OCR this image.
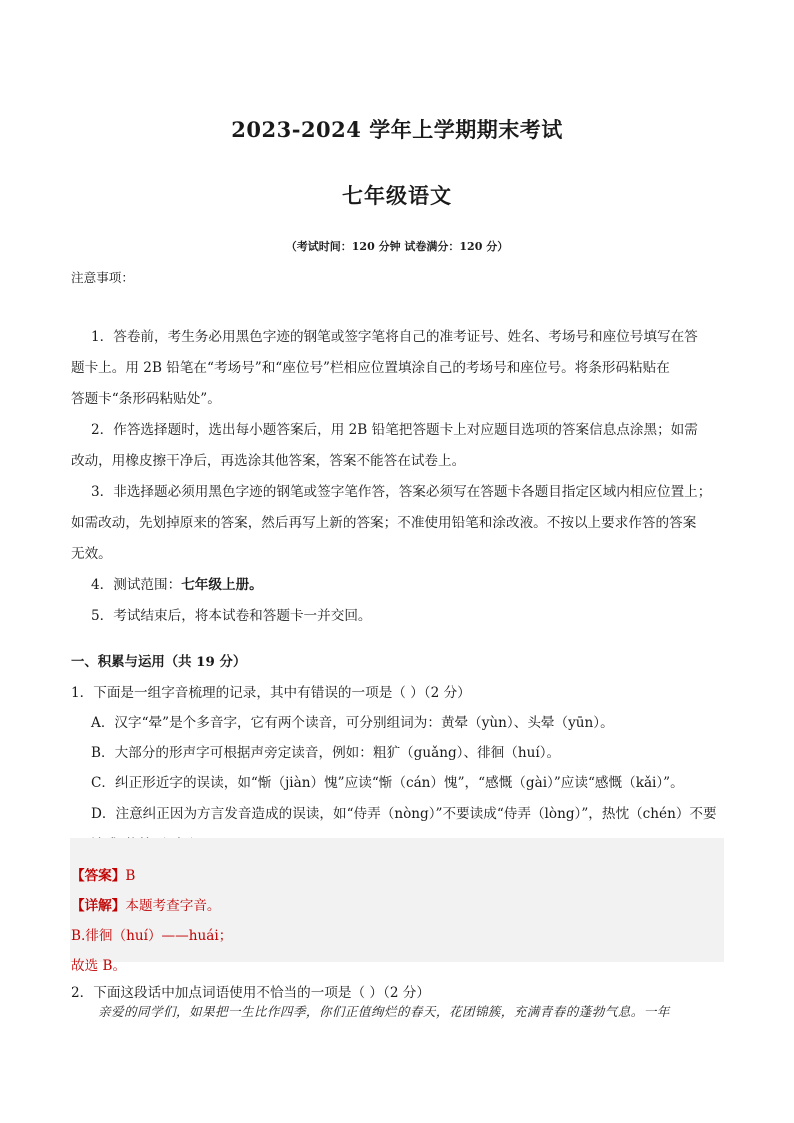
2023-2024 学年上学期期末考试
七年级语文
（考试时间：120 分钟 试卷满分：120 分）
注意事项：
1．答卷前，考生务必用黑色字迹的钢笔或签字笔将自己的准考证号、姓名、考场号和座位号填写在答
题卡上。用 2B 铅笔在“考场号”和“座位号”栏相应位置填涂自己的考场号和座位号。将条形码粘贴在
答题卡“条形码粘贴处”。
2．作答选择题时，选出每小题答案后，用 2B 铅笔把答题卡上对应题目选项的答案信息点涂黑；如需
改动，用橡皮擦干净后，再选涂其他答案，答案不能答在试卷上。
3．非选择题必须用黑色字迹的钢笔或签字笔作答，答案必须写在答题卡各题目指定区域内相应位置上；
如需改动，先划掉原来的答案，然后再写上新的答案；不准使用铅笔和涂改液。不按以上要求作答的答案
无效。
4．测试范围：七年级上册。
5．考试结束后，将本试卷和答题卡一并交回。
一、积累与运用（共 19 分）
1．下面是一组字音梳理的记录，其中有错误的一项是（ ）（2 分）
A．汉字“晕”是个多音字，它有两个读音，可分别组词为：黄晕（yùn）、头晕（yūn）。
B．大部分的形声字可根据声旁定读音，例如：粗犷（guǎng）、徘徊（huí）。
C．纠正形近字的误读，如“惭（jiàn）愧”应读“惭（cán）愧”，“感慨（gài）”应读“感慨（kǎi）”。
D．注意纠正因为方言发音造成的误读，如“侍弄（nòng）”不要读成“侍弄（lòng）”，热忱（chén）不要
【答案】B
【详解】本题考查字音。
B.徘徊（huí）——huái；
故选 B。
2．下面这段话中加点词语使用不恰当的一项是（ ）（2 分）
亲爱的同学们，如果把一生比作四季，你们正值绚烂的春天，花团锦簇，充满青春的蓬勃气息。一年
